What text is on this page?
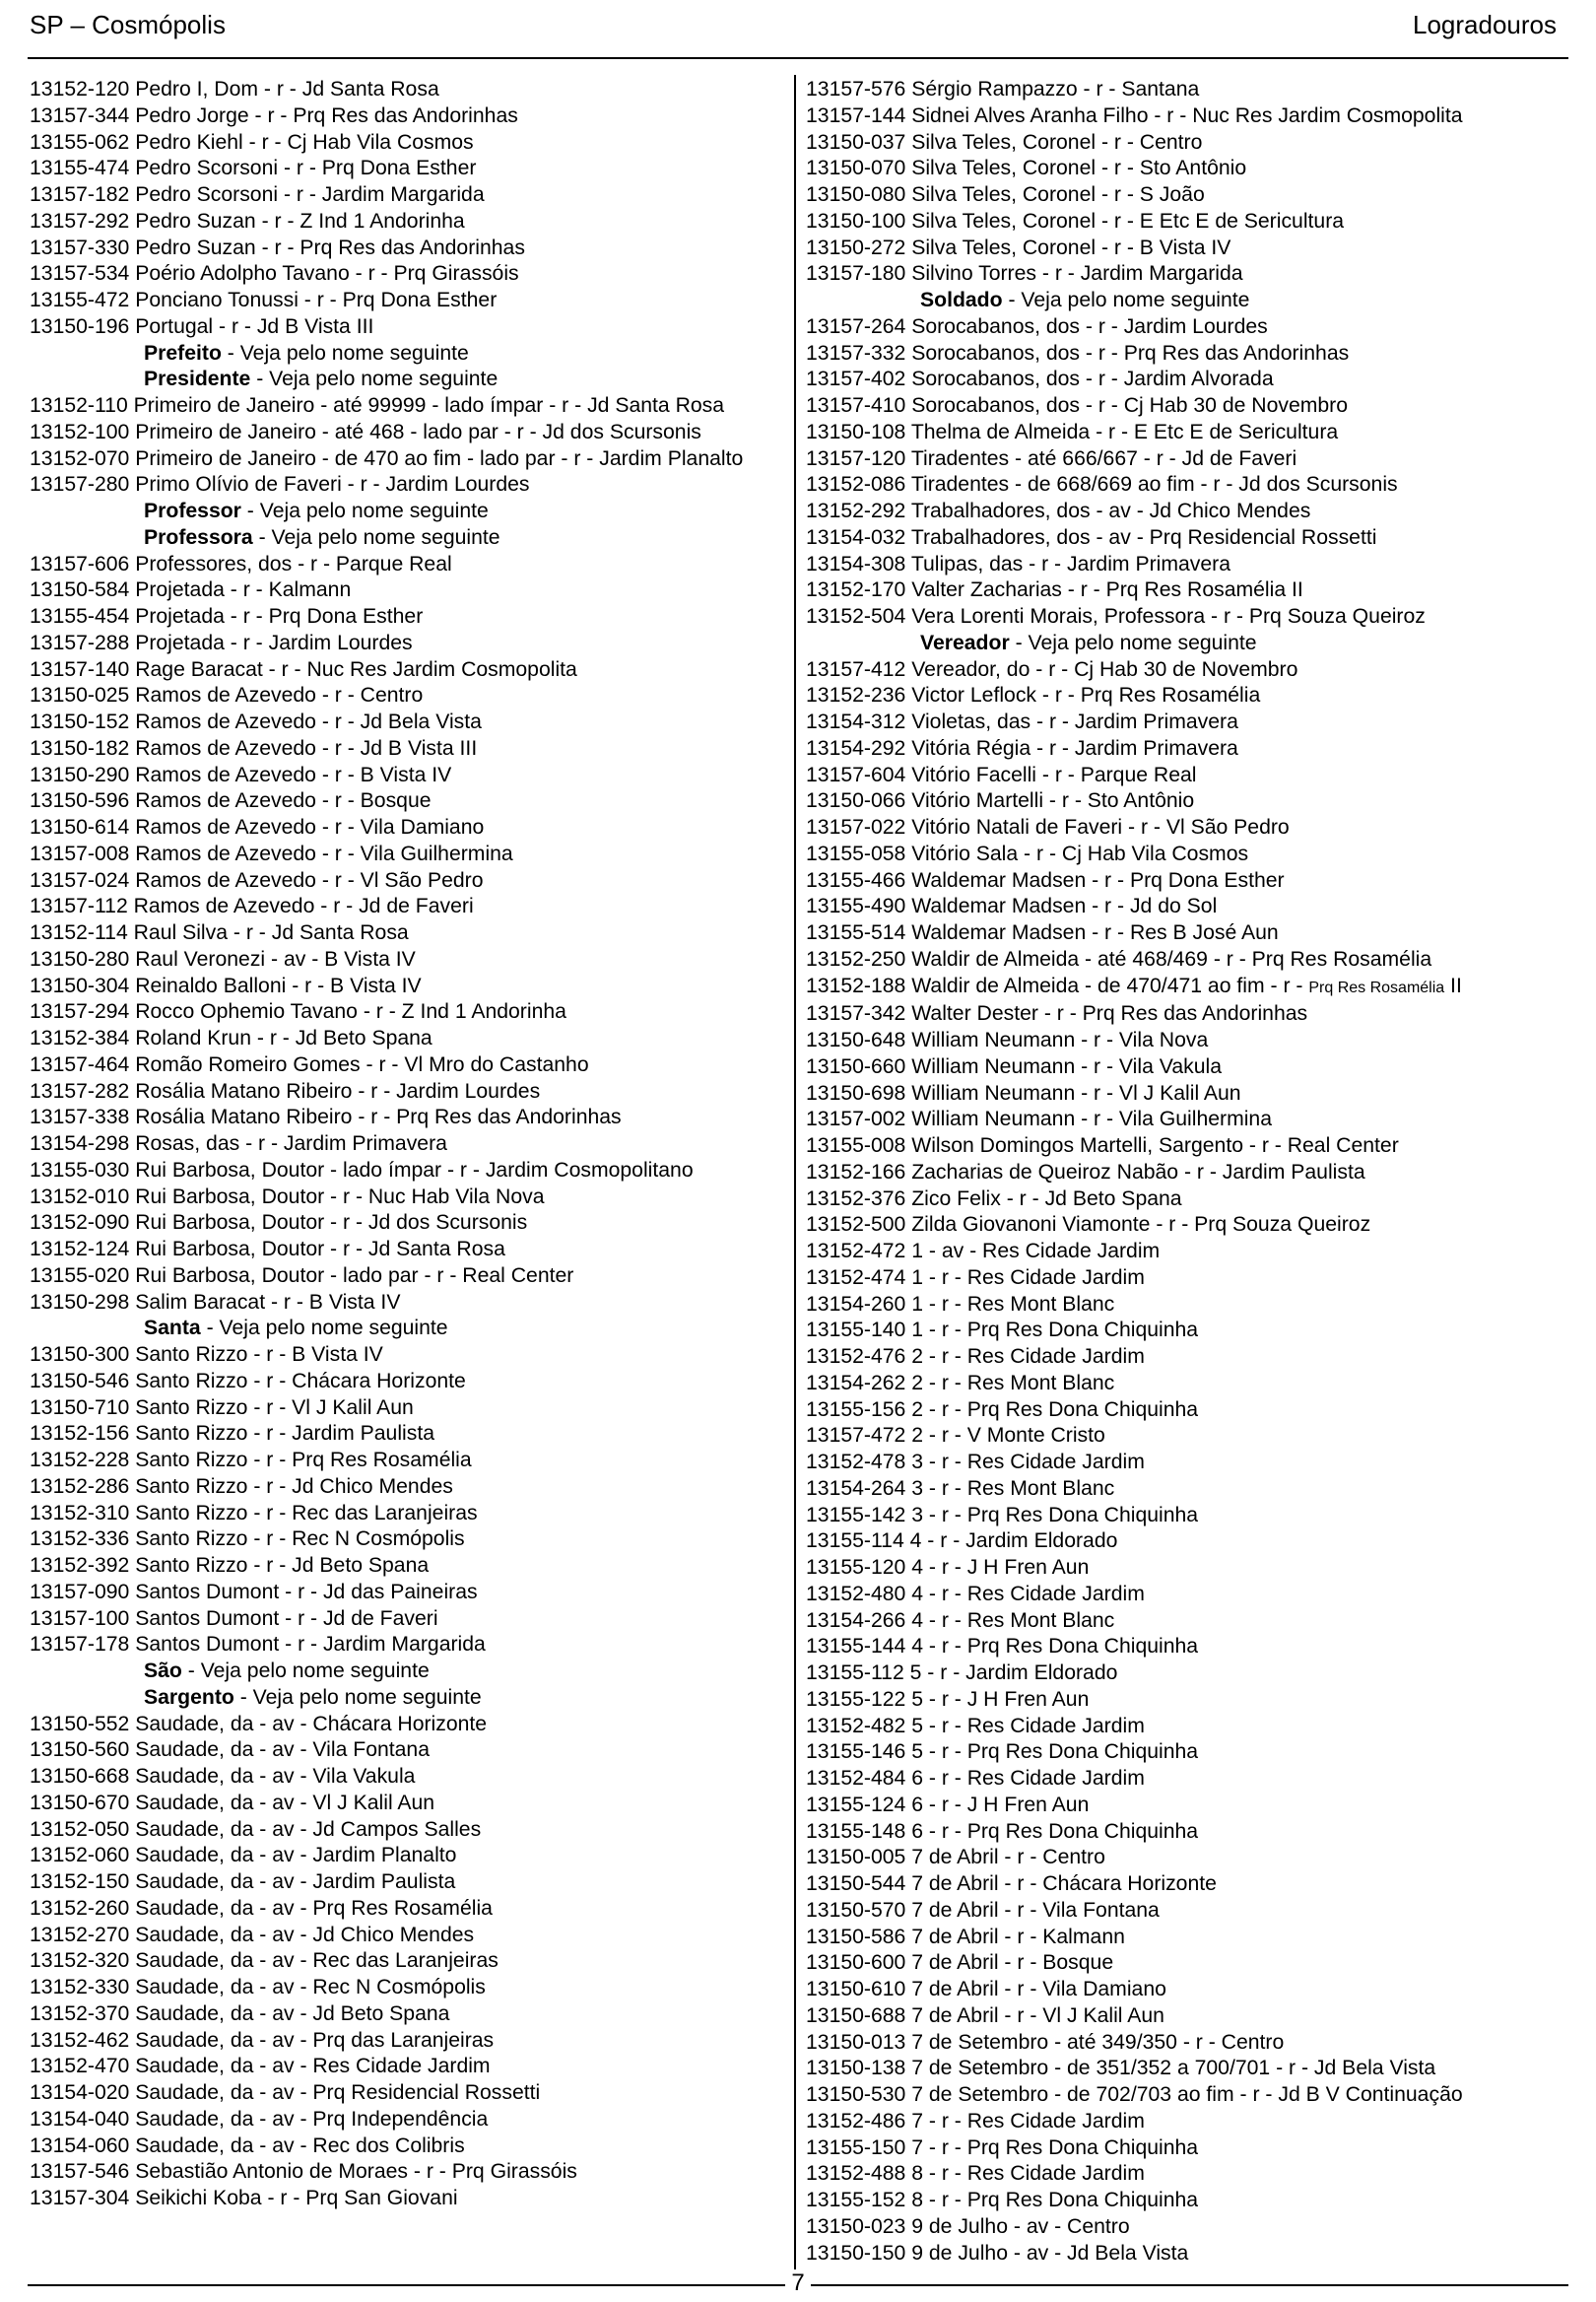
SP – Cosmópolis	Logradouros
13152-120 Pedro I, Dom - r - Jd Santa Rosa
13157-344 Pedro Jorge - r - Prq Res das Andorinhas
13155-062 Pedro Kiehl - r - Cj Hab Vila Cosmos
13155-474 Pedro Scorsoni - r - Prq Dona Esther
13157-182 Pedro Scorsoni - r - Jardim Margarida
13157-292 Pedro Suzan - r - Z Ind 1 Andorinha
13157-330 Pedro Suzan - r - Prq Res das Andorinhas
13157-534 Poério Adolpho Tavano - r - Prq Girassóis
13155-472 Ponciano Tonussi - r - Prq Dona Esther
13150-196 Portugal - r - Jd B Vista III
Prefeito - Veja pelo nome seguinte
Presidente - Veja pelo nome seguinte
13152-110 Primeiro de Janeiro - até 99999 - lado ímpar - r - Jd Santa Rosa
13152-100 Primeiro de Janeiro - até 468 - lado par - r - Jd dos Scursonis
13152-070 Primeiro de Janeiro - de 470 ao fim - lado par - r - Jardim Planalto
13157-280 Primo Olívio de Faveri - r - Jardim Lourdes
Professor - Veja pelo nome seguinte
Professora - Veja pelo nome seguinte
13157-606 Professores, dos - r - Parque Real
13150-584 Projetada - r - Kalmann
13155-454 Projetada - r - Prq Dona Esther
13157-288 Projetada - r - Jardim Lourdes
13157-140 Rage Baracat - r - Nuc Res Jardim Cosmopolita
13150-025 Ramos de Azevedo - r - Centro
13150-152 Ramos de Azevedo - r - Jd Bela Vista
13150-182 Ramos de Azevedo - r - Jd B Vista III
13150-290 Ramos de Azevedo - r - B Vista IV
13150-596 Ramos de Azevedo - r - Bosque
13150-614 Ramos de Azevedo - r - Vila Damiano
13157-008 Ramos de Azevedo - r - Vila Guilhermina
13157-024 Ramos de Azevedo - r - Vl São Pedro
13157-112 Ramos de Azevedo - r - Jd de Faveri
13152-114 Raul Silva - r - Jd Santa Rosa
13150-280 Raul Veronezi - av - B Vista IV
13150-304 Reinaldo Balloni - r - B Vista IV
13157-294 Rocco Ophemio Tavano - r - Z Ind 1 Andorinha
13152-384 Roland Krun - r - Jd Beto Spana
13157-464 Romão Romeiro Gomes - r - Vl Mro do Castanho
13157-282 Rosália Matano Ribeiro - r - Jardim Lourdes
13157-338 Rosália Matano Ribeiro - r - Prq Res das Andorinhas
13154-298 Rosas, das - r - Jardim Primavera
13155-030 Rui Barbosa, Doutor - lado ímpar - r - Jardim Cosmopolitano
13152-010 Rui Barbosa, Doutor - r - Nuc Hab Vila Nova
13152-090 Rui Barbosa, Doutor - r - Jd dos Scursonis
13152-124 Rui Barbosa, Doutor - r - Jd Santa Rosa
13155-020 Rui Barbosa, Doutor - lado par - r - Real Center
13150-298 Salim Baracat - r - B Vista IV
Santa - Veja pelo nome seguinte
13150-300 Santo Rizzo - r - B Vista IV
13150-546 Santo Rizzo - r - Chácara Horizonte
13150-710 Santo Rizzo - r - Vl J Kalil Aun
13152-156 Santo Rizzo - r - Jardim Paulista
13152-228 Santo Rizzo - r - Prq Res Rosamélia
13152-286 Santo Rizzo - r - Jd Chico Mendes
13152-310 Santo Rizzo - r - Rec das Laranjeiras
13152-336 Santo Rizzo - r - Rec N Cosmópolis
13152-392 Santo Rizzo - r - Jd Beto Spana
13157-090 Santos Dumont - r - Jd das Paineiras
13157-100 Santos Dumont - r - Jd de Faveri
13157-178 Santos Dumont - r - Jardim Margarida
São - Veja pelo nome seguinte
Sargento - Veja pelo nome seguinte
13150-552 Saudade, da - av - Chácara Horizonte
13150-560 Saudade, da - av - Vila Fontana
13150-668 Saudade, da - av - Vila Vakula
13150-670 Saudade, da - av - Vl J Kalil Aun
13152-050 Saudade, da - av - Jd Campos Salles
13152-060 Saudade, da - av - Jardim Planalto
13152-150 Saudade, da - av - Jardim Paulista
13152-260 Saudade, da - av - Prq Res Rosamélia
13152-270 Saudade, da - av - Jd Chico Mendes
13152-320 Saudade, da - av - Rec das Laranjeiras
13152-330 Saudade, da - av - Rec N Cosmópolis
13152-370 Saudade, da - av - Jd Beto Spana
13152-462 Saudade, da - av - Prq das Laranjeiras
13152-470 Saudade, da - av - Res Cidade Jardim
13154-020 Saudade, da - av - Prq Residencial Rossetti
13154-040 Saudade, da - av - Prq Independência
13154-060 Saudade, da - av - Rec dos Colibris
13157-546 Sebastião Antonio de Moraes - r - Prq Girassóis
13157-304 Seikichi Koba - r - Prq San Giovani
13157-576 Sérgio Rampazzo - r - Santana
13157-144 Sidnei Alves Aranha Filho - r - Nuc Res Jardim Cosmopolita
13150-037 Silva Teles, Coronel - r - Centro
13150-070 Silva Teles, Coronel - r - Sto Antônio
13150-080 Silva Teles, Coronel - r - S João
13150-100 Silva Teles, Coronel - r - E Etc E de Sericultura
13150-272 Silva Teles, Coronel - r - B Vista IV
13157-180 Silvino Torres - r - Jardim Margarida
Soldado - Veja pelo nome seguinte
13157-264 Sorocabanos, dos - r - Jardim Lourdes
13157-332 Sorocabanos, dos - r - Prq Res das Andorinhas
13157-402 Sorocabanos, dos - r - Jardim Alvorada
13157-410 Sorocabanos, dos - r - Cj Hab 30 de Novembro
13150-108 Thelma de Almeida - r - E Etc E de Sericultura
13157-120 Tiradentes - até 666/667 - r - Jd de Faveri
13152-086 Tiradentes - de 668/669 ao fim - r - Jd dos Scursonis
13152-292 Trabalhadores, dos - av - Jd Chico Mendes
13154-032 Trabalhadores, dos - av - Prq Residencial Rossetti
13154-308 Tulipas, das - r - Jardim Primavera
13152-170 Valter Zacharias - r - Prq Res Rosamélia II
13152-504 Vera Lorenti Morais, Professora - r - Prq Souza Queiroz
Vereador - Veja pelo nome seguinte
13157-412 Vereador, do - r - Cj Hab 30 de Novembro
13152-236 Victor Leflock - r - Prq Res Rosamélia
13154-312 Violetas, das - r - Jardim Primavera
13154-292 Vitória Régia - r - Jardim Primavera
13157-604 Vitório Facelli - r - Parque Real
13150-066 Vitório Martelli - r - Sto Antônio
13157-022 Vitório Natali de Faveri - r - Vl São Pedro
13155-058 Vitório Sala - r - Cj Hab Vila Cosmos
13155-466 Waldemar Madsen - r - Prq Dona Esther
13155-490 Waldemar Madsen - r - Jd do Sol
13155-514 Waldemar Madsen - r - Res B José Aun
13152-250 Waldir de Almeida - até 468/469 - r - Prq Res Rosamélia
13152-188 Waldir de Almeida - de 470/471 ao fim - r - Prq Res Rosamélia II
13157-342 Walter Dester - r - Prq Res das Andorinhas
13150-648 William Neumann - r - Vila Nova
13150-660 William Neumann - r - Vila Vakula
13150-698 William Neumann - r - Vl J Kalil Aun
13157-002 William Neumann - r - Vila Guilhermina
13155-008 Wilson Domingos Martelli, Sargento - r - Real Center
13152-166 Zacharias de Queiroz Nabão - r - Jardim Paulista
13152-376 Zico Felix - r - Jd Beto Spana
13152-500 Zilda Giovanoni Viamonte - r - Prq Souza Queiroz
13152-472 1 - av - Res Cidade Jardim
13152-474 1 - r - Res Cidade Jardim
13154-260 1 - r - Res Mont Blanc
13155-140 1 - r - Prq Res Dona Chiquinha
13152-476 2 - r - Res Cidade Jardim
13154-262 2 - r - Res Mont Blanc
13155-156 2 - r - Prq Res Dona Chiquinha
13157-472 2 - r - V Monte Cristo
13152-478 3 - r - Res Cidade Jardim
13154-264 3 - r - Res Mont Blanc
13155-142 3 - r - Prq Res Dona Chiquinha
13155-114 4 - r - Jardim Eldorado
13155-120 4 - r - J H Fren Aun
13152-480 4 - r - Res Cidade Jardim
13154-266 4 - r - Res Mont Blanc
13155-144 4 - r - Prq Res Dona Chiquinha
13155-112 5 - r - Jardim Eldorado
13155-122 5 - r - J H Fren Aun
13152-482 5 - r - Res Cidade Jardim
13155-146 5 - r - Prq Res Dona Chiquinha
13152-484 6 - r - Res Cidade Jardim
13155-124 6 - r - J H Fren Aun
13155-148 6 - r - Prq Res Dona Chiquinha
13150-005 7 de Abril - r - Centro
13150-544 7 de Abril - r - Chácara Horizonte
13150-570 7 de Abril - r - Vila Fontana
13150-586 7 de Abril - r - Kalmann
13150-600 7 de Abril - r - Bosque
13150-610 7 de Abril - r - Vila Damiano
13150-688 7 de Abril - r - Vl J Kalil Aun
13150-013 7 de Setembro - até 349/350 - r - Centro
13150-138 7 de Setembro - de 351/352 a 700/701 - r - Jd Bela Vista
13150-530 7 de Setembro - de 702/703 ao fim - r - Jd B V Continuação
13152-486 7 - r - Res Cidade Jardim
13155-150 7 - r - Prq Res Dona Chiquinha
13152-488 8 - r - Res Cidade Jardim
13155-152 8 - r - Prq Res Dona Chiquinha
13150-023 9 de Julho - av - Centro
13150-150 9 de Julho - av - Jd Bela Vista
7
